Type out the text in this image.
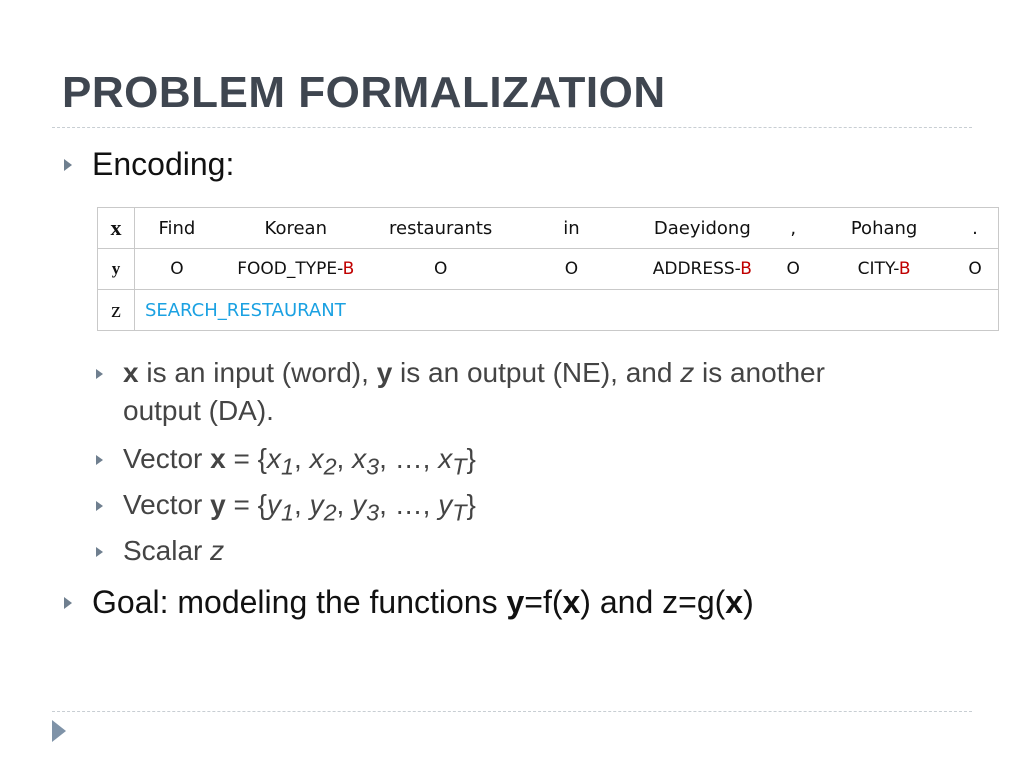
PROBLEM FORMALIZATION
Encoding:
x	Find	Korean	restaurants	in	Daeyidong	,	Pohang	.
y	O	FOOD_TYPE-B	O	O	ADDRESS-B	O	CITY-B	O
z	SEARCH_RESTAURANT							
x is an input (word), y is an output (NE), and z is another
output (DA).
Vector $x = \{x_1$, $x_2$, $x_3$, …, $x_T$}
Vector $y = \{y_1$, $y_2$, $y_3$, …, $y_T$}
Scalar z
Goal: modeling the functions y=f(x) and z=g(x)
